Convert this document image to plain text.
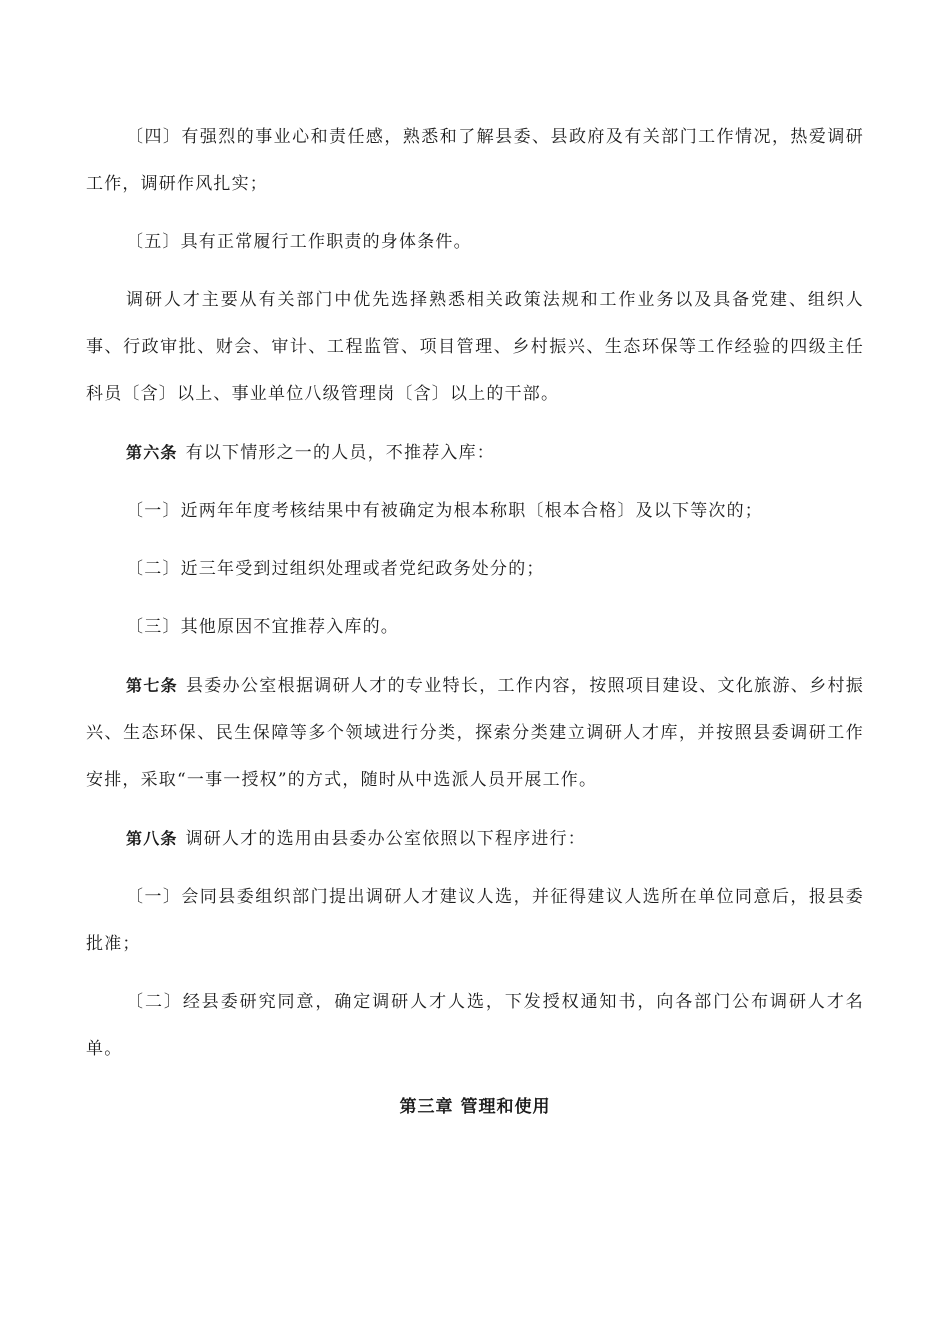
〔四〕有强烈的事业心和责任感，熟悉和了解县委、县政府及有关部门工作情况，热爱调研工作，调研作风扎实；

〔五〕具有正常履行工作职责的身体条件。

调研人才主要从有关部门中优先选择熟悉相关政策法规和工作业务以及具备党建、组织人事、行政审批、财会、审计、工程监管、项目管理、乡村振兴、生态环保等工作经验的四级主任科员〔含〕以上、事业单位八级管理岗〔含〕以上的干部。

第六条 有以下情形之一的人员，不推荐入库：

〔一〕近两年年度考核结果中有被确定为根本称职〔根本合格〕及以下等次的；

〔二〕近三年受到过组织处理或者党纪政务处分的；

〔三〕其他原因不宜推荐入库的。

第七条 县委办公室根据调研人才的专业特长，工作内容，按照项目建设、文化旅游、乡村振兴、生态环保、民生保障等多个领域进行分类，探索分类建立调研人才库，并按照县委调研工作安排，采取“一事一授权”的方式，随时从中选派人员开展工作。

第八条 调研人才的选用由县委办公室依照以下程序进行：

〔一〕会同县委组织部门提出调研人才建议人选，并征得建议人选所在单位同意后，报县委批准；

〔二〕经县委研究同意，确定调研人才人选，下发授权通知书，向各部门公布调研人才名单。

第三章 管理和使用
